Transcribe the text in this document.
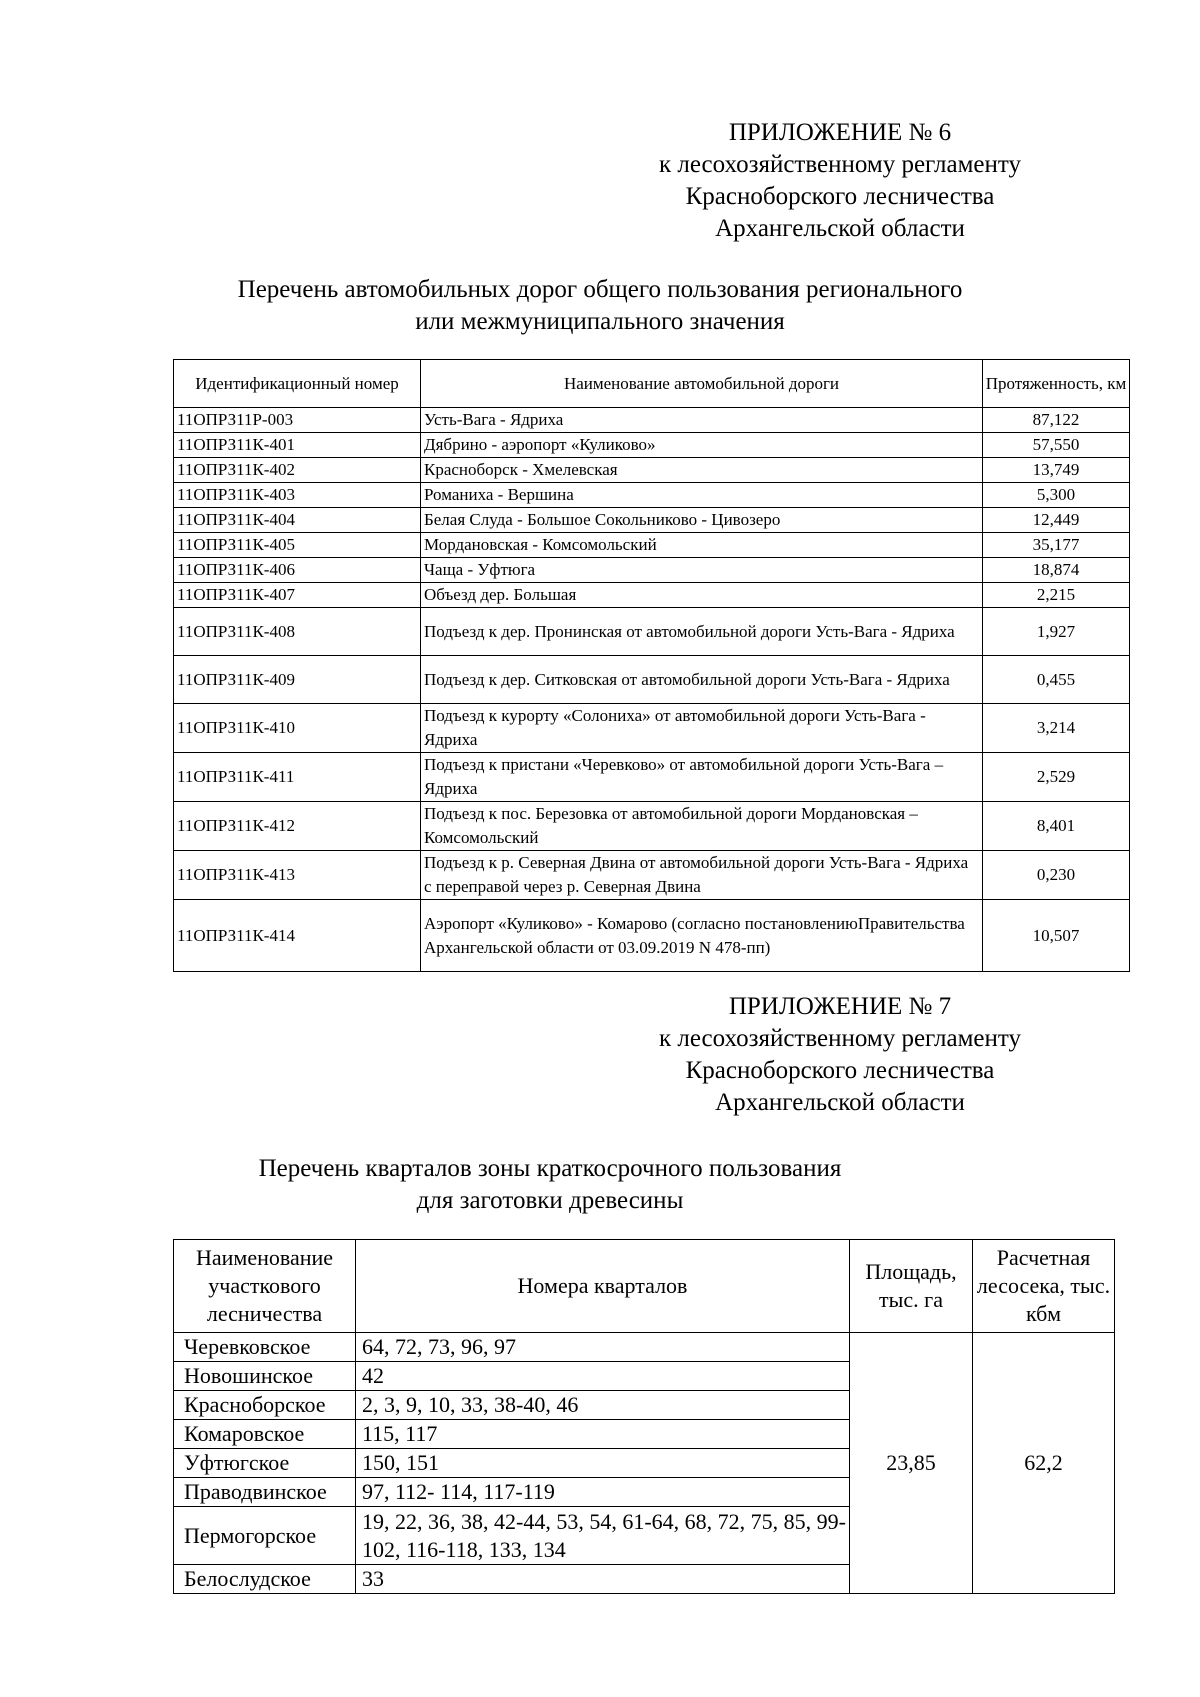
ПРИЛОЖЕНИЕ № 6
к лесохозяйственному регламенту
Красноборского лесничества
Архангельской области
Перечень автомобильных дорог общего пользования регионального
или межмуниципального значения
Идентификационный номер	Наименование автомобильной дороги	Протяженность, км
11ОПРЗ11Р-003	Усть-Вага - Ядриха	87,122
11ОПРЗ11К-401	Дябрино - аэропорт «Куликово»	57,550
11ОПРЗ11К-402	Красноборск - Хмелевская	13,749
11ОПРЗ11К-403	Романиха - Вершина	5,300
11ОПРЗ11К-404	Белая Слуда - Большое Сокольниково - Цивозеро	12,449
11ОПРЗ11К-405	Мордановская - Комсомольский	35,177
11ОПРЗ11К-406	Чаща - Уфтюга	18,874
11ОПРЗ11К-407	Объезд дер. Большая	2,215
11ОПРЗ11К-408	Подъезд к дер. Пронинская от автомобильной дороги Усть-Вага - Ядриха	1,927
11ОПРЗ11К-409	Подъезд к дер. Ситковская от автомобильной дороги Усть-Вага - Ядриха	0,455
11ОПРЗ11К-410	Подъезд к курорту «Солониха» от автомобильной дороги Усть-Вага - Ядриха	3,214
11ОПРЗ11К-411	Подъезд к пристани «Черевково» от автомобильной дороги Усть-Вага – Ядриха	2,529
11ОПРЗ11К-412	Подъезд к пос. Березовка от автомобильной дороги Мордановская – Комсомольский	8,401
11ОПРЗ11К-413	Подъезд к р. Северная Двина от автомобильной дороги Усть-Вага - Ядриха с переправой через р. Северная Двина	0,230
11ОПРЗ11К-414	Аэропорт «Куликово» - Комарово (согласно постановлениюПравительства Архангельской области от 03.09.2019 N 478-пп)	10,507
ПРИЛОЖЕНИЕ № 7
к лесохозяйственному регламенту
Красноборского лесничества
Архангельской области
Перечень кварталов зоны краткосрочного пользования
для заготовки древесины
Наименование участкового лесничества	Номера кварталов	Площадь, тыс. га	Расчетная лесосека, тыс. кбм
Черевковское	64, 72, 73, 96, 97	23,85	62,2
Новошинское	42		
Красноборское	2, 3, 9, 10, 33, 38-40, 46		
Комаровское	115, 117		
Уфтюгское	150, 151		
Праводвинское	97, 112- 114, 117-119		
Пермогорское	19, 22, 36, 38, 42-44, 53, 54, 61-64, 68, 72, 75, 85, 99-102, 116-118, 133, 134		
Белослудское	33		
